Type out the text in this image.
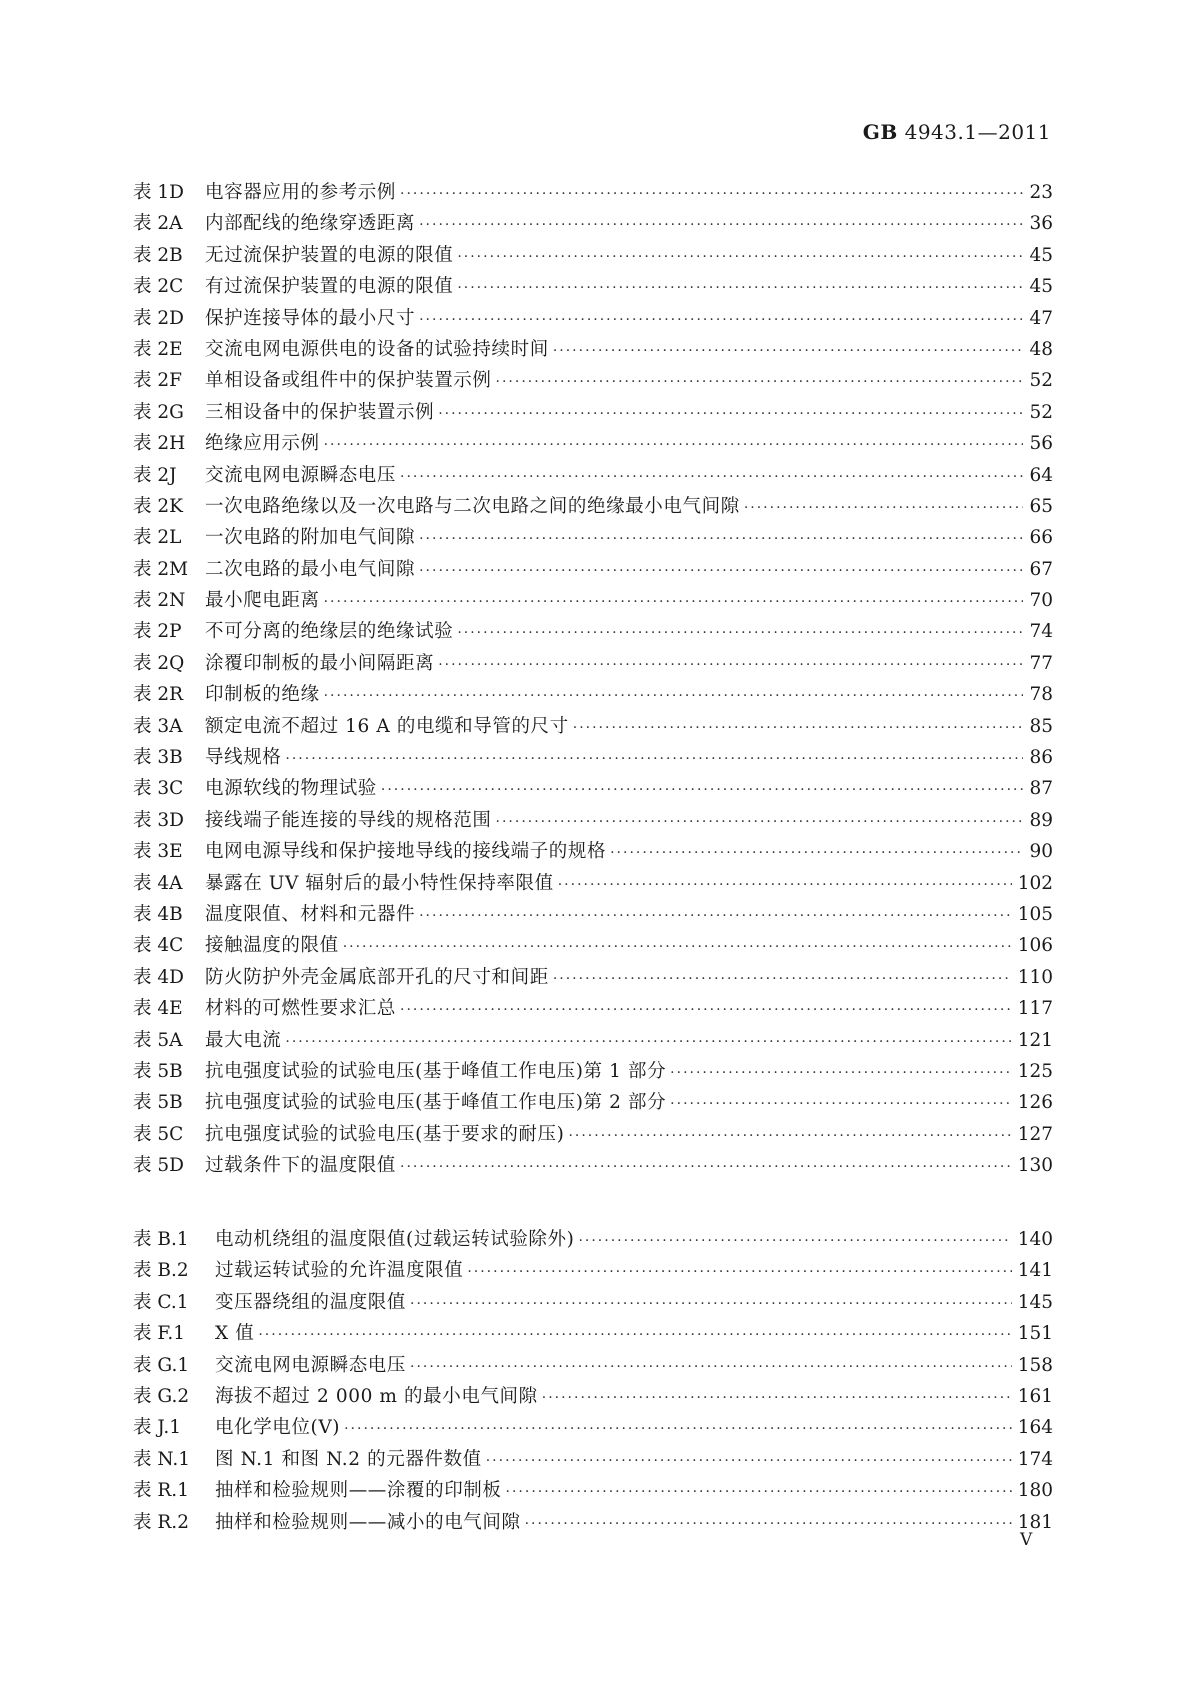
GB 4943.1—2011
表 1D	电容器应用的参考示例 ·····	23
表 2A	内部配线的绝缘穿透距离 ·····	36
表 2B	无过流保护装置的电源的限值 ·····	45
表 2C	有过流保护装置的电源的限值 ·····	45
表 2D	保护连接导体的最小尺寸 ·····	47
表 2E	交流电网电源供电的设备的试验持续时间 ·····	48
表 2F	单相设备或组件中的保护装置示例 ·····	52
表 2G	三相设备中的保护装置示例 ·····	52
表 2H	绝缘应用示例 ·····	56
表 2J	交流电网电源瞬态电压 ·····	64
表 2K	一次电路绝缘以及一次电路与二次电路之间的绝缘最小电气间隙 ·····	65
表 2L	一次电路的附加电气间隙 ·····	66
表 2M 二次电路的最小电气间隙 ·····	67
表 2N	最小爬电距离 ·····	70
表 2P	不可分离的绝缘层的绝缘试验 ·····	74
表 2Q	涂覆印制板的最小间隔距离 ·····	77
表 2R	印制板的绝缘 ·····	78
表 3A	额定电流不超过 16 A 的电缆和导管的尺寸 ·····	85
表 3B	导线规格 ·····	86
表 3C	电源软线的物理试验 ·····	87
表 3D	接线端子能连接的导线的规格范围 ·····	89
表 3E	电网电源导线和保护接地导线的接线端子的规格 ·····	90
表 4A	暴露在 UV 辐射后的最小特性保持率限值 ·····	102
表 4B	温度限值、材料和元器件 ·····	105
表 4C	接触温度的限值 ·····	106
表 4D	防火防护外壳金属底部开孔的尺寸和间距 ·····	110
表 4E	材料的可燃性要求汇总 ·····	117
表 5A	最大电流 ·····	121
表 5B	抗电强度试验的试验电压(基于峰值工作电压)第 1 部分 ·····	125
表 5B	抗电强度试验的试验电压(基于峰值工作电压)第 2 部分 ·····	126
表 5C	抗电强度试验的试验电压(基于要求的耐压) ·····	127
表 5D	过载条件下的温度限值 ·····	130
表 B.1	电动机绕组的温度限值(过载运转试验除外) ·····	140
表 B.2	过载运转试验的允许温度限值 ·····	141
表 C.1	变压器绕组的温度限值 ·····	145
表 F.1	X 值 ·····	151
表 G.1	交流电网电源瞬态电压 ·····	158
表 G.2	海拔不超过 2 000 m 的最小电气间隙 ·····	161
表 J.1	电化学电位(V) ·····	164
表 N.1	图 N.1 和图 N.2 的元器件数值 ·····	174
表 R.1	抽样和检验规则——涂覆的印制板 ·····	180
表 R.2	抽样和检验规则——减小的电气间隙 ·····	181
V
